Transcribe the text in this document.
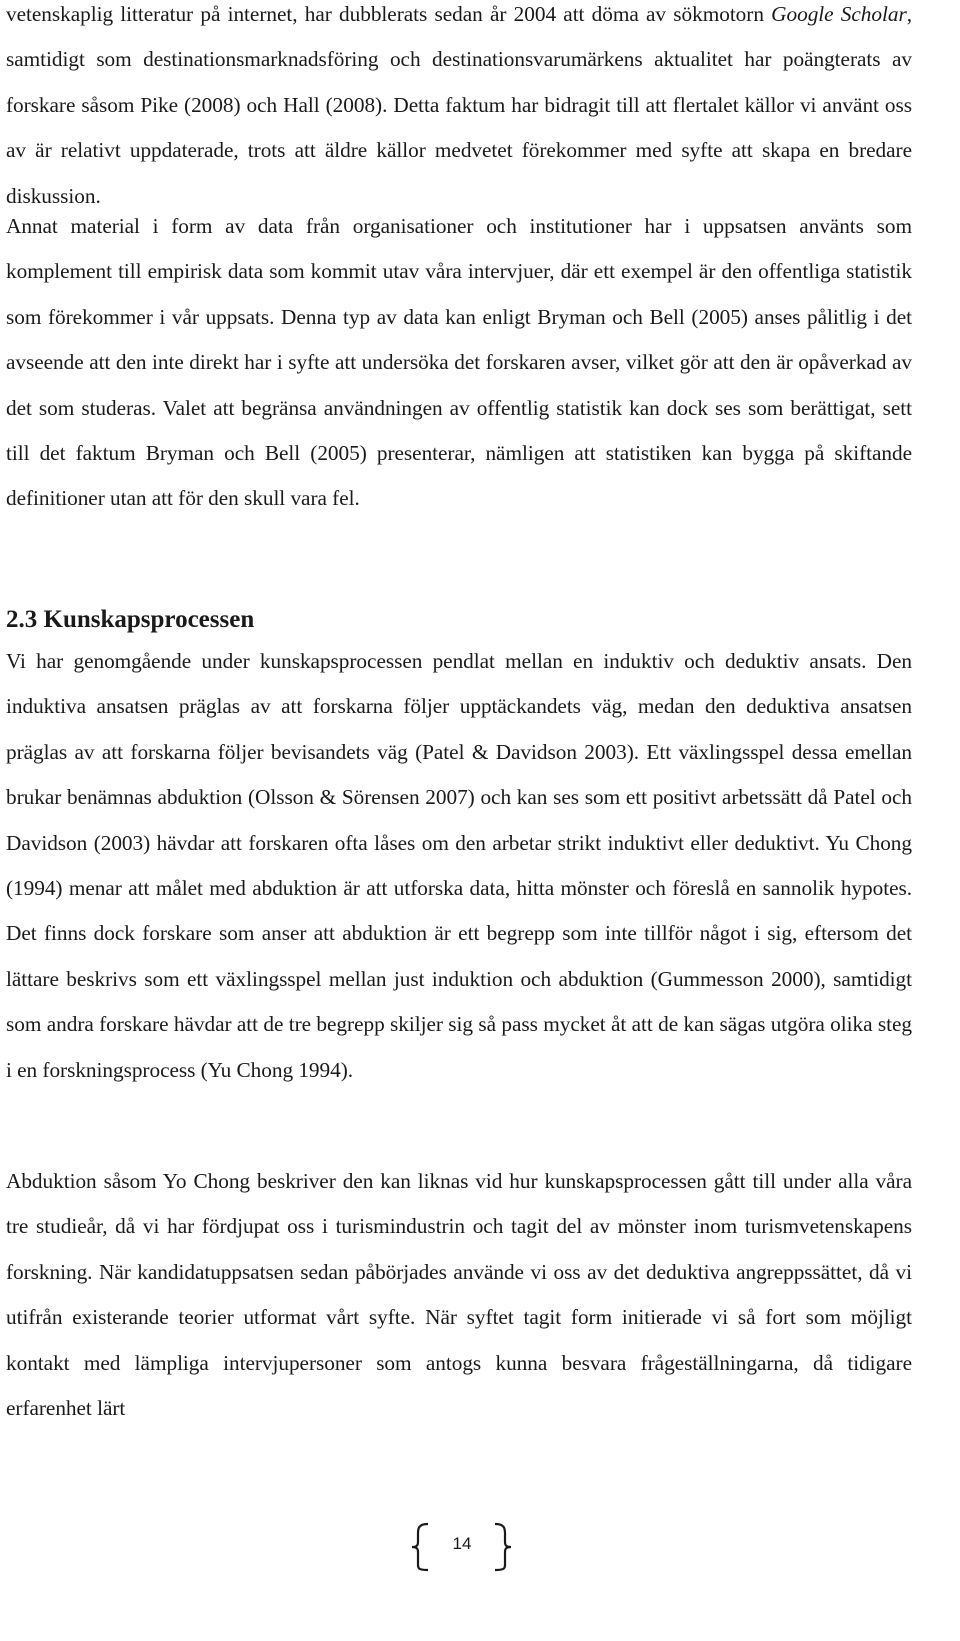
vetenskaplig litteratur på internet, har dubblerats sedan år 2004 att döma av sökmotorn Google Scholar, samtidigt som destinationsmarknadsföring och destinationsvarumärkens aktualitet har poängterats av forskare såsom Pike (2008) och Hall (2008). Detta faktum har bidragit till att flertalet källor vi använt oss av är relativt uppdaterade, trots att äldre källor medvetet förekommer med syfte att skapa en bredare diskussion.

Annat material i form av data från organisationer och institutioner har i uppsatsen använts som komplement till empirisk data som kommit utav våra intervjuer, där ett exempel är den offentliga statistik som förekommer i vår uppsats. Denna typ av data kan enligt Bryman och Bell (2005) anses pålitlig i det avseende att den inte direkt har i syfte att undersöka det forskaren avser, vilket gör att den är opåverkad av det som studeras. Valet att begränsa användningen av offentlig statistik kan dock ses som berättigat, sett till det faktum Bryman och Bell (2005) presenterar, nämligen att statistiken kan bygga på skiftande definitioner utan att för den skull vara fel.

2.3 Kunskapsprocessen

Vi har genomgående under kunskapsprocessen pendlat mellan en induktiv och deduktiv ansats. Den induktiva ansatsen präglas av att forskarna följer upptäckandets väg, medan den deduktiva ansatsen präglas av att forskarna följer bevisandets väg (Patel & Davidson 2003). Ett växlingsspel dessa emellan brukar benämnas abduktion (Olsson & Sörensen 2007) och kan ses som ett positivt arbetssätt då Patel och Davidson (2003) hävdar att forskaren ofta låses om den arbetar strikt induktivt eller deduktivt. Yu Chong (1994) menar att målet med abduktion är att utforska data, hitta mönster och föreslå en sannolik hypotes. Det finns dock forskare som anser att abduktion är ett begrepp som inte tillför något i sig, eftersom det lättare beskrivs som ett växlingsspel mellan just induktion och abduktion (Gummesson 2000), samtidigt som andra forskare hävdar att de tre begrepp skiljer sig så pass mycket åt att de kan sägas utgöra olika steg i en forskningsprocess (Yu Chong 1994).

Abduktion såsom Yo Chong beskriver den kan liknas vid hur kunskapsprocessen gått till under alla våra tre studieår, då vi har fördjupat oss i turismindustrin och tagit del av mönster inom turismvetenskapens forskning. När kandidatuppsatsen sedan påbörjades använde vi oss av det deduktiva angreppssättet, då vi utifrån existerande teorier utformat vårt syfte. När syftet tagit form initierade vi så fort som möjligt kontakt med lämpliga intervjupersoner som antogs kunna besvara frågeställningarna, då tidigare erfarenhet lärt

14
